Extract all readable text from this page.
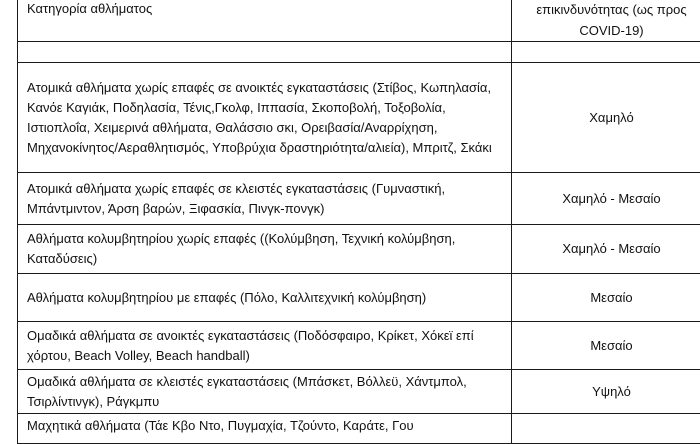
Κατηγορία αθλήματος	επικινδυνότητας (ως προς COVID-19)

Ατομικά αθλήματα χωρίς επαφές σε ανοικτές εγκαταστάσεις (Στίβος, Κωπηλασία, Κανόε Καγιάκ, Ποδηλασία, Τένις,Γκολφ, Ιππασία, Σκοποβολή, Τοξοβολία, Ιστιοπλοΐα, Χειμερινά αθλήματα, Θαλάσσιο σκι, Ορειβασία/Αναρρίχηση, Μηχανοκίνητος/Αεραθλητισμός, Υποβρύχια δραστηριότητα/αλιεία), Μπριτζ, Σκάκι	Χαμηλό
Ατομικά αθλήματα χωρίς επαφές σε κλειστές εγκαταστάσεις (Γυμναστική, Μπάντμιντον, Άρση βαρών, Ξιφασκία, Πινγκ-πονγκ)	Χαμηλό - Μεσαίο
Αθλήματα κολυμβητηρίου χωρίς επαφές ((Κολύμβηση, Τεχνική κολύμβηση, Καταδύσεις)	Χαμηλό - Μεσαίο
Αθλήματα κολυμβητηρίου με επαφές (Πόλο, Καλλιτεχνική κολύμβηση)	Μεσαίο
Ομαδικά αθλήματα σε ανοικτές εγκαταστάσεις (Ποδόσφαιρο, Κρίκετ, Χόκεϊ επί χόρτου, Beach Volley, Beach handball)	Μεσαίο
Ομαδικά αθλήματα σε κλειστές εγκαταστάσεις (Μπάσκετ, Βόλλεϋ, Χάντμπολ, Τσιρλίντινγκ), Ράγκμπυ	Υψηλό
Μαχητικά αθλήματα (Τάε Κβο Ντο, Πυγμαχία, Τζούντο, Καράτε, Γου	
